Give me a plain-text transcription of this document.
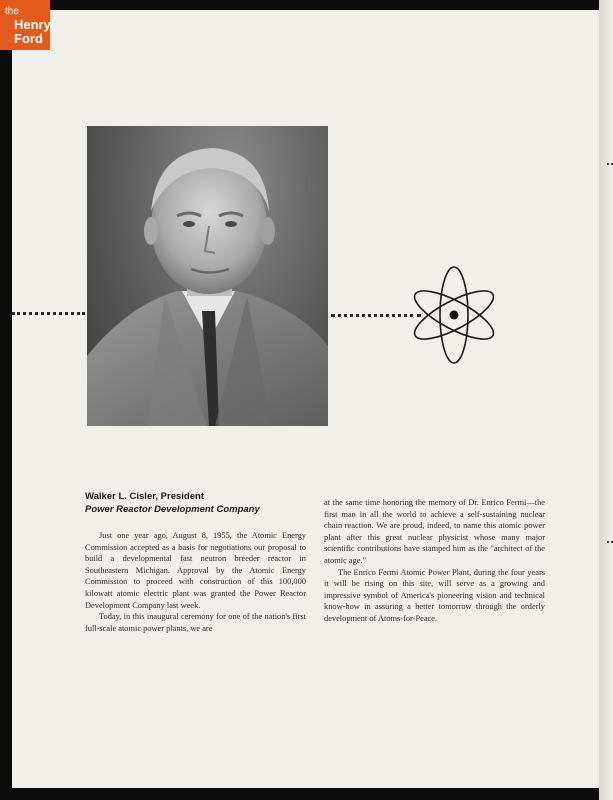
the
Henry
Ford
Walker L. Cisler, President
Power Reactor Development Company

Just one year ago, August 8, 1955, the Atomic Energy Commission accepted as a basis for negotiations our proposal to build a developmental fast neutron breeder reactor in Southeastern Michigan. Approval by the Atomic Energy Commission to proceed with construction of this 100,000 kilowatt atomic electric plant was granted the Power Reactor Development Company last week.

Today, in this inaugural ceremony for one of the nation's first full-scale atomic power plants, we are

at the same time honoring the memory of Dr. Enrico Fermi—the first man in all the world to achieve a self-sustaining nuclear chain reaction. We are proud, indeed, to name this atomic power plant after this great nuclear physicist whose many major scientific contributions have stamped him as the "architect of the atomic age."

The Enrico Fermi Atomic Power Plant, during the four years it will be rising on this site, will serve as a growing and impressive symbol of America's pioneering vision and technical know-how in assuring a better tomorrow through the orderly development of Atoms-for-Peace.
